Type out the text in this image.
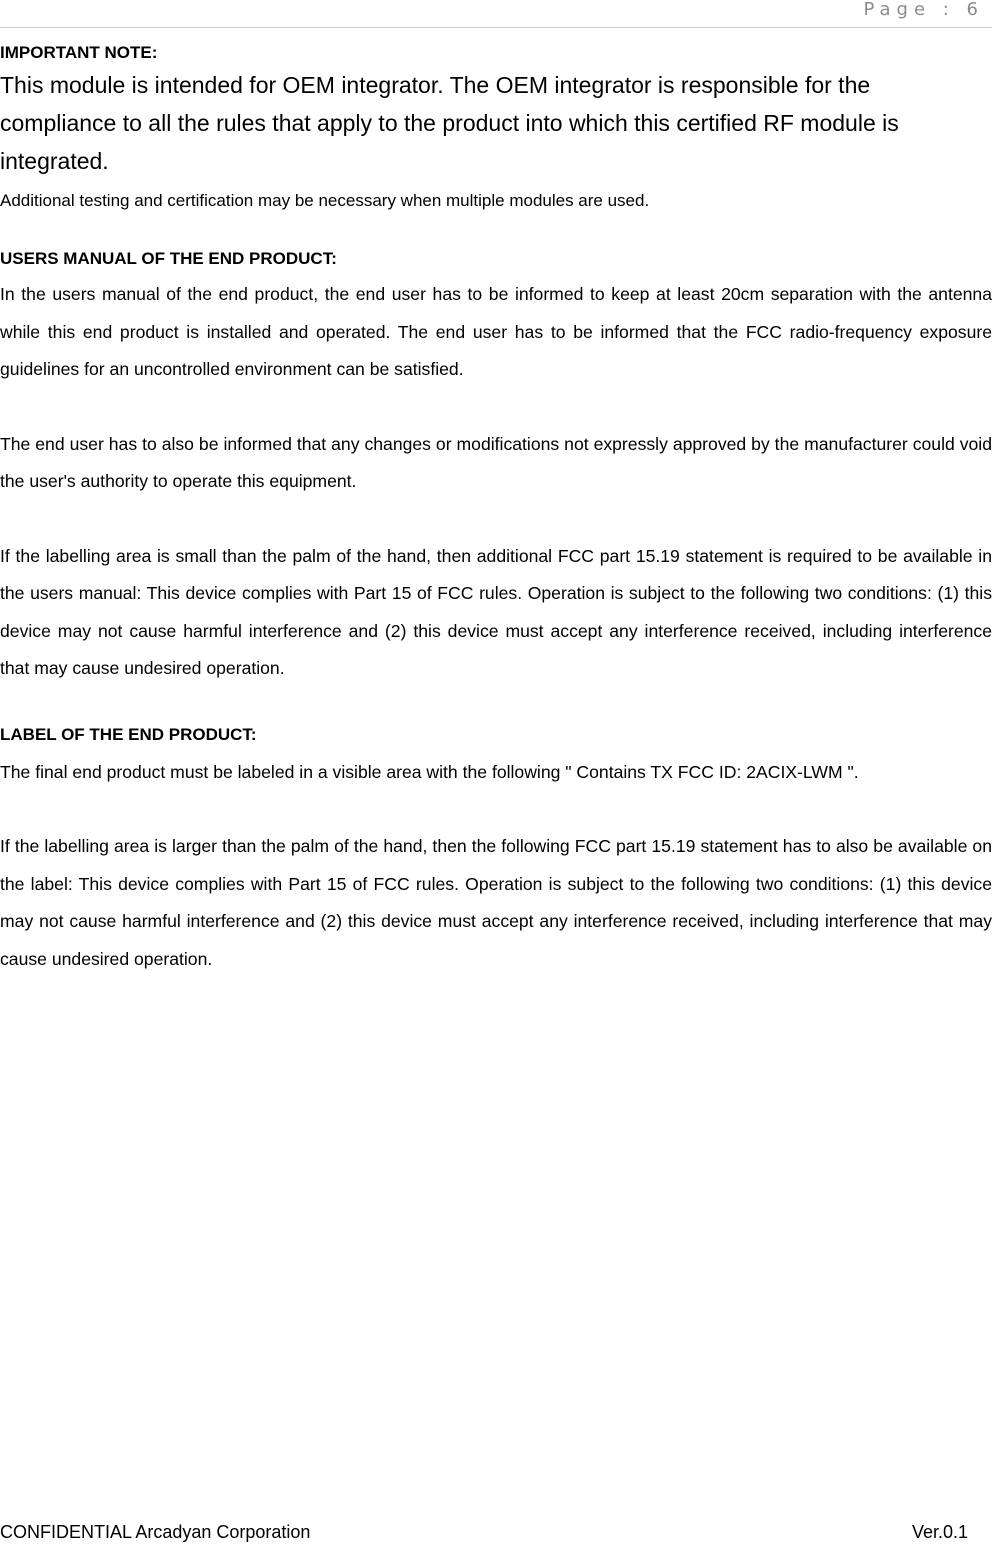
Page : 6

IMPORTANT NOTE:

This module is intended for OEM integrator. The OEM integrator is responsible for the compliance to all the rules that apply to the product into which this certified RF module is integrated.

Additional testing and certification may be necessary when multiple modules are used.

USERS MANUAL OF THE END PRODUCT:

In the users manual of the end product, the end user has to be informed to keep at least 20cm separation with the antenna while this end product is installed and operated. The end user has to be informed that the FCC radio-frequency exposure guidelines for an uncontrolled environment can be satisfied.

The end user has to also be informed that any changes or modifications not expressly approved by the manufacturer could void the user's authority to operate this equipment.

If the labelling area is small than the palm of the hand, then additional FCC part 15.19 statement is required to be available in the users manual: This device complies with Part 15 of FCC rules. Operation is subject to the following two conditions: (1) this device may not cause harmful interference and (2) this device must accept any interference received, including interference that may cause undesired operation.

LABEL OF THE END PRODUCT:

The final end product must be labeled in a visible area with the following " Contains TX FCC ID: 2ACIX-LWM ".

If the labelling area is larger than the palm of the hand, then the following FCC part 15.19 statement has to also be available on the label: This device complies with Part 15 of FCC rules. Operation is subject to the following two conditions: (1) this device may not cause harmful interference and (2) this device must accept any interference received, including interference that may cause undesired operation.

CONFIDENTIAL Arcadyan Corporation	Ver.0.1
